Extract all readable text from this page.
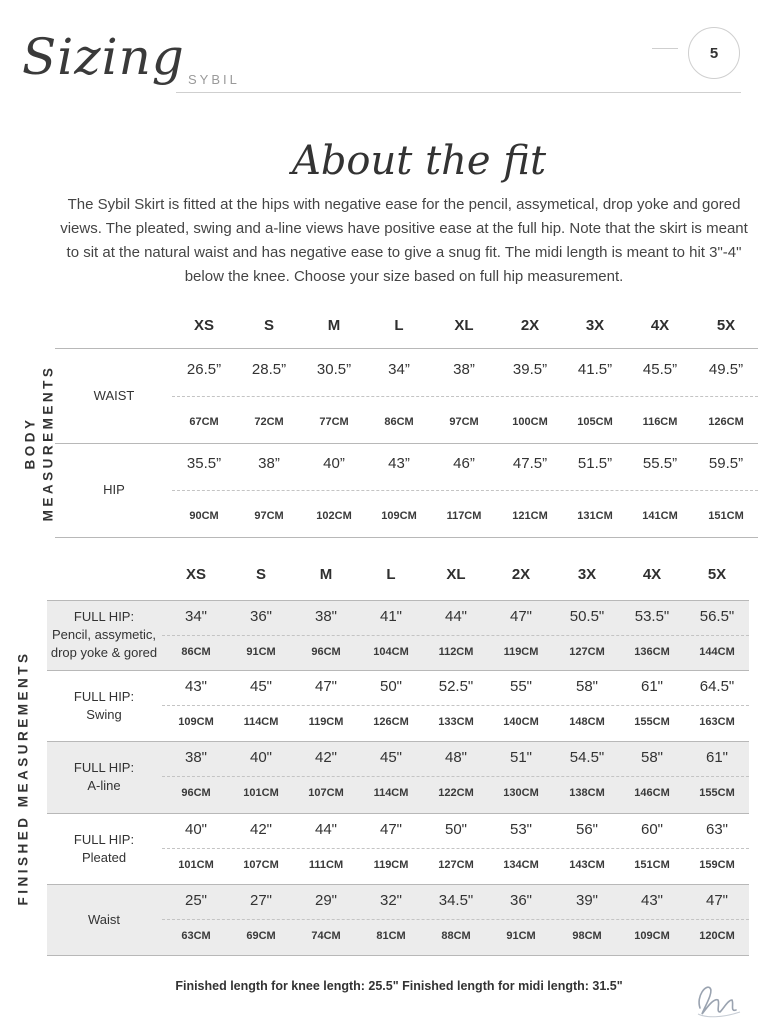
Sizing SYBIL
5
About the fit
The Sybil Skirt is fitted at the hips with negative ease for the pencil, assymetical, drop yoke and gored views. The pleated, swing and a-line views have positive ease at the full hip. Note that the skirt is meant to sit at the natural waist and has negative ease to give a snug fit. The midi length is meant to hit 3"-4" below the knee. Choose your size based on full hip measurement.
XS	S	M	L	XL	2X	3X	4X	5X
WAIST
26.5”	28.5”	30.5”	34”	38”	39.5”	41.5”	45.5”	49.5”
67CM	72CM	77CM	86CM	97CM	100CM	105CM	116CM	126CM
HIP
35.5”	38”	40”	43”	46”	47.5”	51.5”	55.5”	59.5”
90CM	97CM	102CM	109CM	117CM	121CM	131CM	141CM	151CM
BODY MEASUREMENTS
XS	S	M	L	XL	2X	3X	4X	5X
FULL HIP:
Pencil, assymetic,
drop yoke & gored
34"	36"	38"	41"	44"	47"	50.5"	53.5"	56.5"
86CM	91CM	96CM	104CM	112CM	119CM	127CM	136CM	144CM
FULL HIP:
Swing
43"	45"	47"	50"	52.5"	55"	58"	61"	64.5"
109CM	114CM	119CM	126CM	133CM	140CM	148CM	155CM	163CM
FULL HIP:
A-line
38"	40"	42"	45"	48"	51"	54.5"	58"	61"
96CM	101CM	107CM	114CM	122CM	130CM	138CM	146CM	155CM
FULL HIP:
Pleated
40"	42"	44"	47"	50"	53"	56"	60"	63"
101CM	107CM	111CM	119CM	127CM	134CM	143CM	151CM	159CM
Waist
25"	27"	29"	32"	34.5"	36"	39"	43"	47"
63CM	69CM	74CM	81CM	88CM	91CM	98CM	109CM	120CM
FINISHED MEASUREMENTS
Finished length for knee length: 25.5" Finished length for midi length: 31.5"
